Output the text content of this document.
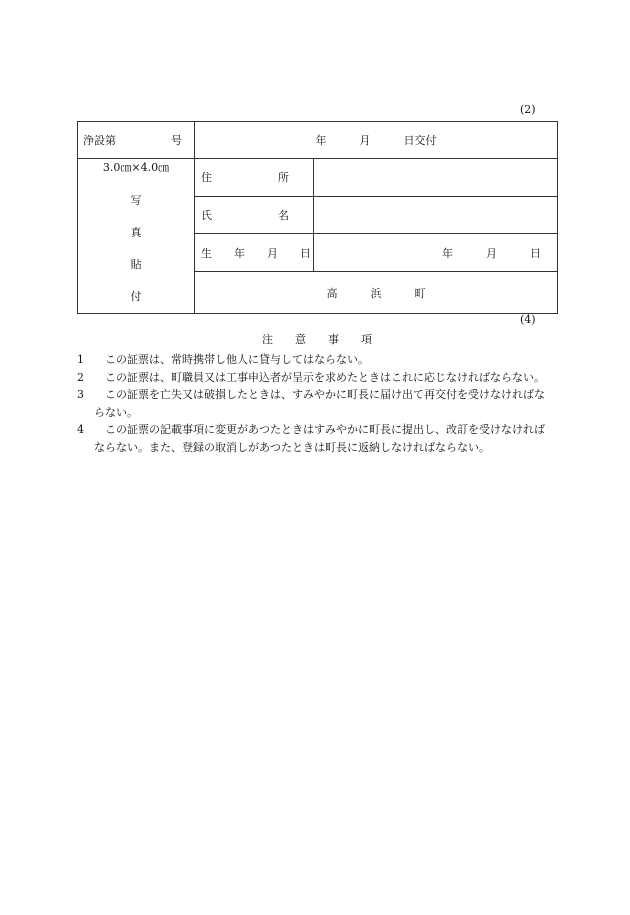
(2)
浄設第　　　　　号	年　　　月　　　日交付	

3.0㎝×4.0㎝
写
真
貼
付	住　　　　　　所	
	氏　　　　　　名	
	生　　年　　月　　日	年　　　月　　　日
	高　　　浜　　　町	
(4)
注　　意　　事　　項
1 　この証票は、常時携帯し他人に貸与してはならない。
2 　この証票は、町職員又は工事申込者が呈示を求めたときはこれに応じなければならない。
3 　この証票を亡失又は破損したときは、すみやかに町長に届け出て再交付を受けなければならない。
4 　この証票の記載事項に変更があつたときはすみやかに町長に提出し、改訂を受けなければならない。また、登録の取消しがあつたときは町長に返納しなければならない。
